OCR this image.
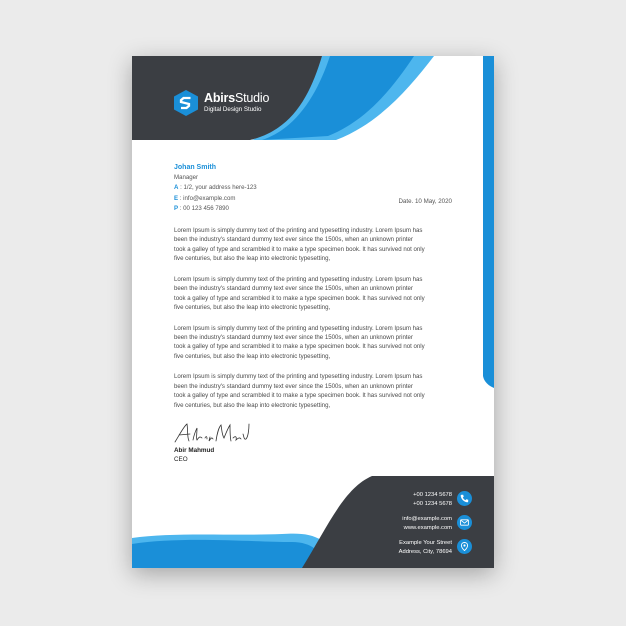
AbirsStudio
Digital Design Studio
Johan Smith
Manager
A : 1/2, your address here-123
E : info@example.com
P : 00 123 456 7890
Date. 10 May, 2020
Lorem Ipsum is simply dummy text of the printing and typesetting industry. Lorem Ipsum has
been the industry's standard dummy text ever since the 1500s, when an unknown printer
took a galley of type and scrambled it to make a type specimen book. It has survived not only
five centuries, but also the leap into electronic typesetting,
Lorem Ipsum is simply dummy text of the printing and typesetting industry. Lorem Ipsum has
been the industry's standard dummy text ever since the 1500s, when an unknown printer
took a galley of type and scrambled it to make a type specimen book. It has survived not only
five centuries, but also the leap into electronic typesetting,
Lorem Ipsum is simply dummy text of the printing and typesetting industry. Lorem Ipsum has
been the industry's standard dummy text ever since the 1500s, when an unknown printer
took a galley of type and scrambled it to make a type specimen book. It has survived not only
five centuries, but also the leap into electronic typesetting,
Lorem Ipsum is simply dummy text of the printing and typesetting industry. Lorem Ipsum has
been the industry's standard dummy text ever since the 1500s, when an unknown printer
took a galley of type and scrambled it to make a type specimen book. It has survived not only
five centuries, but also the leap into electronic typesetting,
Abir Mahmud
CEO
+00 1234 5678
+00 1234 5678
info@example.com
www.example.com
Example Your Street
Address, City, 78694
